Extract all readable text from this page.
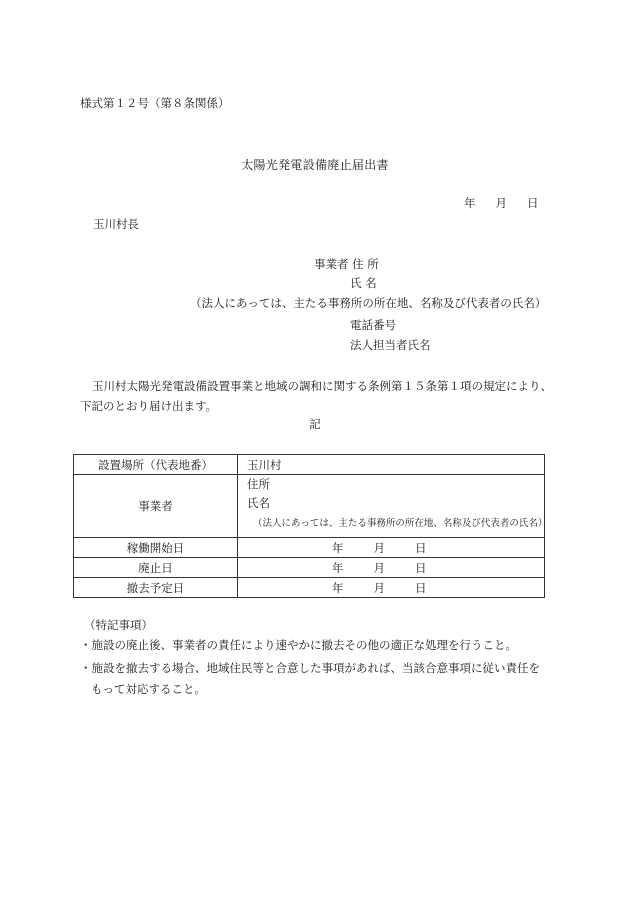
様式第１２号（第８条関係）
太陽光発電設備廃止届出書
年 月 日
玉川村長
事業者 住 所
氏 名
（法人にあっては、主たる事務所の所在地、名称及び代表者の氏名）
電話番号
法人担当者氏名
玉川村太陽光発電設備設置事業と地域の調和に関する条例第１５条第１項の規定により、下記のとおり届け出ます。
記
設置場所（代表地番）	玉川村
事業者	住所
氏名
（法人にあっては、主たる事務所の所在地、名称及び代表者の氏名）

稼働開始日	年 月 日
廃止日	年 月 日
撤去予定日	年 月 日
（特記事項）
・施設の廃止後、事業者の責任により速やかに撤去その他の適正な処理を行うこと。
・施設を撤去する場合、地域住民等と合意した事項があれば、当該合意事項に従い責任を
もって対応すること。
